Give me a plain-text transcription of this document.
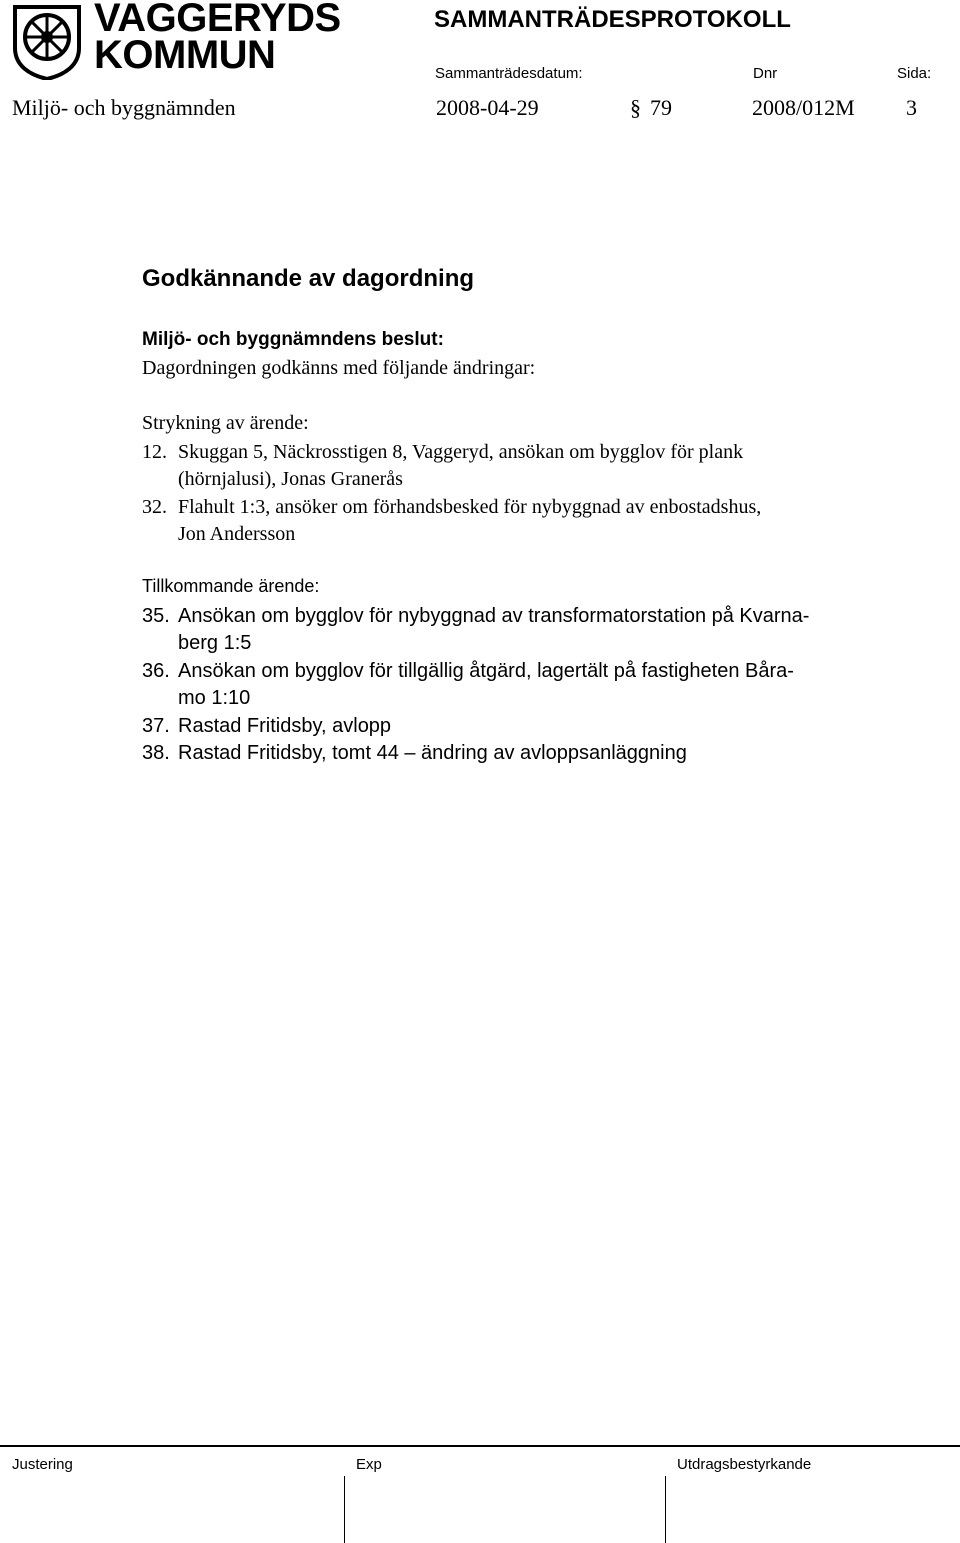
VAGGERYDS
KOMMUN
SAMMANTRÄDESPROTOKOLL
Sammanträdesdatum:	Dnr	Sida:
Miljö- och byggnämnden	2008-04-29	§ 79	2008/012M 3
Godkännande av dagordning
Miljö- och byggnämndens beslut:
Dagordningen godkänns med följande ändringar:
Strykning av ärende:
12. Skuggan 5, Näckrosstigen 8, Vaggeryd, ansökan om bygglov för plank
(hörnjalusi), Jonas Granerås
32. Flahult 1:3, ansöker om förhandsbesked för nybyggnad av enbostadshus,
Jon Andersson
Tillkommande ärende:
35. Ansökan om bygglov för nybyggnad av transformatorstation på Kvarna-
berg 1:5
36. Ansökan om bygglov för tillgällig åtgärd, lagertält på fastigheten Båra-
mo 1:10
37. Rastad Fritidsby, avlopp
38. Rastad Fritidsby, tomt 44 – ändring av avloppsanläggning
Justering	Exp	Utdragsbestyrkande
